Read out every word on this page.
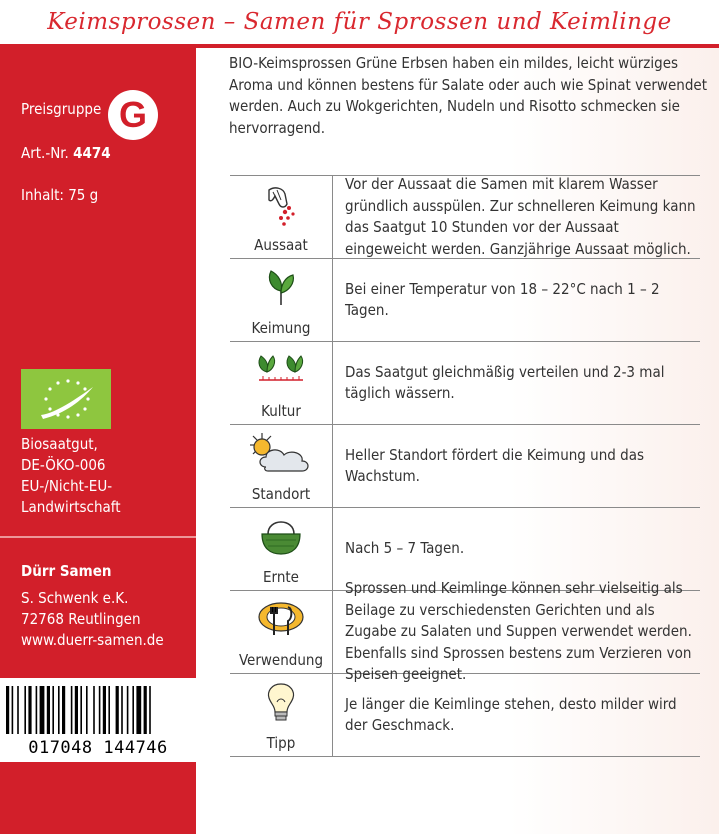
Keimsprossen – Samen für Sprossen und Keimlinge
Preisgruppe G
Art.-Nr. 4474
Inhalt: 75 g
Biosaatgut,
DE-ÖKO-006
EU-/Nicht-EU-
Landwirtschaft
Dürr Samen
S. Schwenk e.K.
72768 Reutlingen
www.duerr-samen.de
017048 144746
BIO-Keimsprossen Grüne Erbsen haben ein mildes, leicht würziges Aroma und können bestens für Salate oder auch wie Spinat verwendet werden. Auch zu Wokgerichten, Nudeln und Risotto schmecken sie hervorragend.
Aussaat
Vor der Aussaat die Samen mit klarem Wasser gründlich ausspülen. Zur schnelleren Keimung kann das Saatgut 10 Stunden vor der Aussaat eingeweicht werden. Ganzjährige Aussaat möglich.
Keimung
Bei einer Temperatur von 18 – 22°C nach 1 – 2 Tagen.
Kultur
Das Saatgut gleichmäßig verteilen und 2-3 mal täglich wässern.
Standort
Heller Standort fördert die Keimung und das Wachstum.
Ernte
Nach 5 – 7 Tagen.
Verwendung
Sprossen und Keimlinge können sehr vielseitig als Beilage zu verschiedensten Gerichten und als Zugabe zu Salaten und Suppen verwendet werden. Ebenfalls sind Sprossen bestens zum Verzieren von Speisen geeignet.
Tipp
Je länger die Keimlinge stehen, desto milder wird der Geschmack.
